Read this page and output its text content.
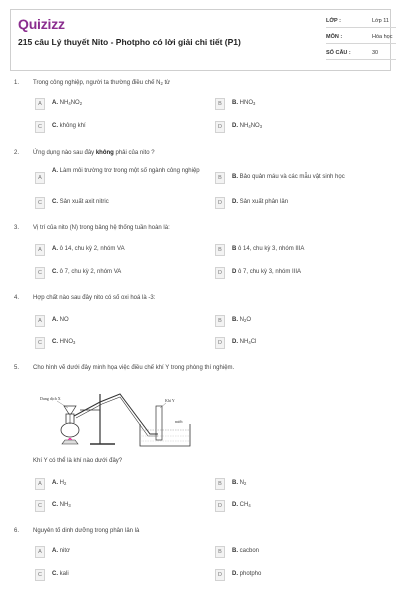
Quizizz
215 câu Lý thuyết Nito - Photpho có lời giải chi tiết (P1)
LỚP :	Lớp 11
MÔN :	Hóa học
SỐ CÂU :	30
1. Trong công nghiệp, người ta thường điều chế $N_2$ từ
A	A. $NH_4NO_2$	B	B. $HNO_3$
C	C. không khí	D	D. $NH_4NO_3$
2. Ứng dụng nào sau đây không phải của nito ?
A
A. Làm môi trường trơ trong một số ngành công nghiệp
B	B. Bảo quản máu và các mẫu vật sinh học
C	C. Sản xuất axit nitric	D	D. Sản xuất phân lân
3. Vị trí của nito (N) trong bảng hệ thống tuần hoàn là:
A	A. ô 14, chu kỳ 2, nhóm VA	B	B ô 14, chu kỳ 3, nhóm IIIA
C	C. ô 7, chu kỳ 2, nhóm VA	D	D ô 7, chu kỳ 3, nhóm IIIA
4. Hợp chất nào sau đây nito có số oxi hoá là -3:
A	A. NO	B	B. $N_2O$
C	C. $HNO_3$	D	D. $NH_4Cl$
5. Cho hình vẽ dưới đây minh họa việc điều chế khí Y trong phòng thí nghiệm.
Dung dịch X	Khí Y
nước
Khí Y có thể là khí nào dưới đây?
A	A. $H_2$	B	B. $N_2$
C	C. $NH_3$	D	D. $CH_4$
6. Nguyên tố dinh dưỡng trong phân lân là
A	A. nitơ	B	B. cacbon
C	C. kali	D	D. photpho
